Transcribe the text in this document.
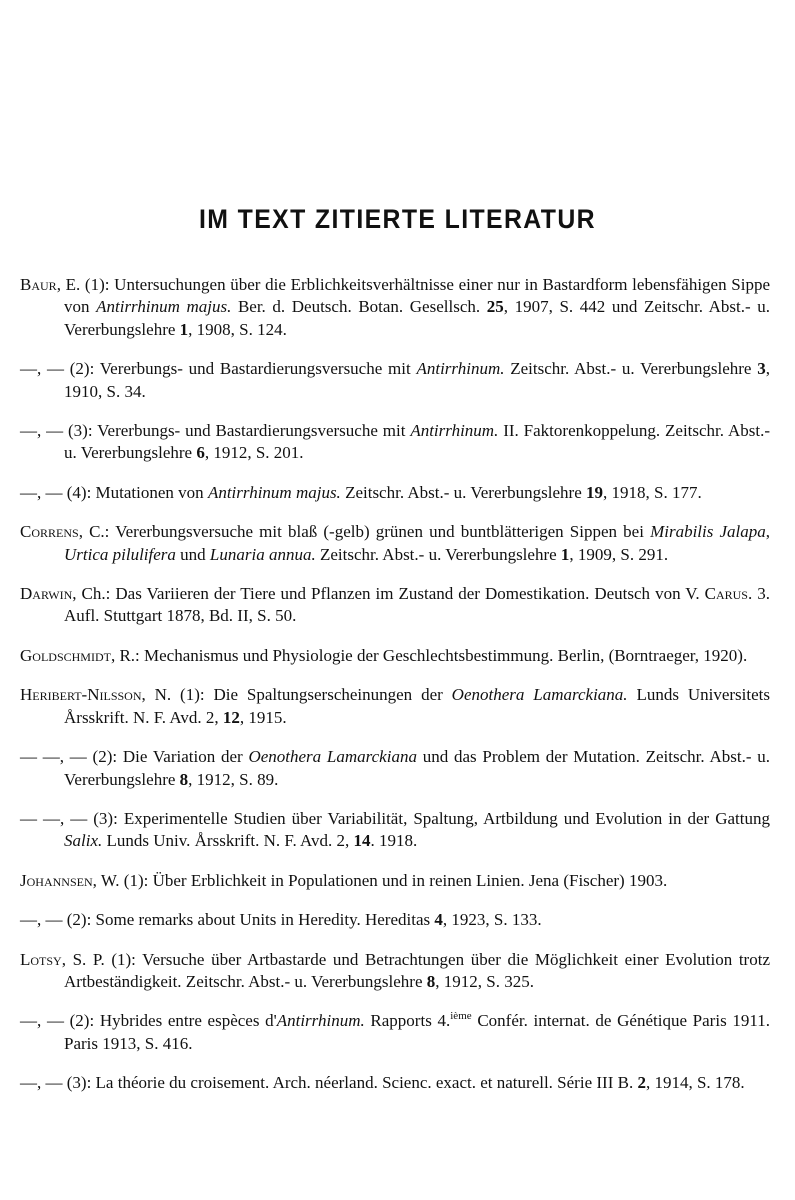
IM TEXT ZITIERTE LITERATUR

Baur, E. (1): Untersuchungen über die Erblichkeitsverhältnisse einer nur in Bastardform lebensfähigen Sippe von Antirrhinum majus. Ber. d. Deutsch. Botan. Gesellsch. 25, 1907, S. 442 und Zeitschr. Abst.- u. Vererbungslehre 1, 1908, S. 124.

—, — (2): Vererbungs- und Bastardierungsversuche mit Antirrhinum. Zeitschr. Abst.- u. Vererbungslehre 3, 1910, S. 34.

—, — (3): Vererbungs- und Bastardierungsversuche mit Antirrhinum. II. Faktorenkoppelung. Zeitschr. Abst.- u. Vererbungslehre 6, 1912, S. 201.

—, — (4): Mutationen von Antirrhinum majus. Zeitschr. Abst.- u. Vererbungslehre 19, 1918, S. 177.

Correns, C.: Vererbungsversuche mit blaß (-gelb) grünen und buntblätterigen Sippen bei Mirabilis Jalapa, Urtica pilulifera und Lunaria annua. Zeitschr. Abst.- u. Vererbungslehre 1, 1909, S. 291.

Darwin, Ch.: Das Variieren der Tiere und Pflanzen im Zustand der Domestikation. Deutsch von V. Carus. 3. Aufl. Stuttgart 1878, Bd. II, S. 50.

Goldschmidt, R.: Mechanismus und Physiologie der Geschlechtsbestimmung. Berlin, (Borntraeger, 1920).

Heribert-Nilsson, N. (1): Die Spaltungserscheinungen der Oenothera Lamarckiana. Lunds Universitets Årsskrift. N. F. Avd. 2, 12, 1915.

— —, — (2): Die Variation der Oenothera Lamarckiana und das Problem der Mutation. Zeitschr. Abst.- u. Vererbungslehre 8, 1912, S. 89.

— —, — (3): Experimentelle Studien über Variabilität, Spaltung, Artbildung und Evolution in der Gattung Salix. Lunds Univ. Årsskrift. N. F. Avd. 2, 14. 1918.

Johannsen, W. (1): Über Erblichkeit in Populationen und in reinen Linien. Jena (Fischer) 1903.

—, — (2): Some remarks about Units in Heredity. Hereditas 4, 1923, S. 133.

Lotsy, S. P. (1): Versuche über Artbastarde und Betrachtungen über die Möglichkeit einer Evolution trotz Artbeständigkeit. Zeitschr. Abst.- u. Vererbungslehre 8, 1912, S. 325.

—, — (2): Hybrides entre espèces d'Antirrhinum. Rapports 4.$^{ième}$ Confér. internat. de Génétique Paris 1911. Paris 1913, S. 416.

—, — (3): La théorie du croisement. Arch. néerland. Scienc. exact. et naturell. Série III B. 2, 1914, S. 178.
